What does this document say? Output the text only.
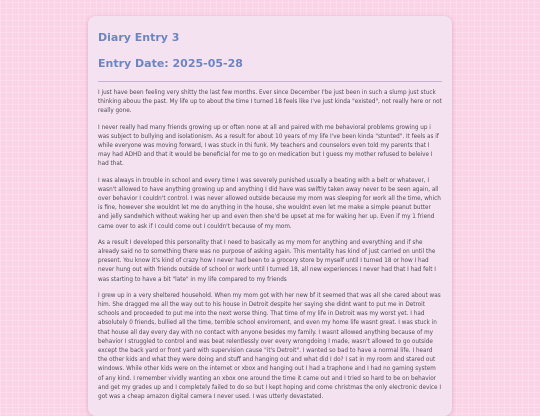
Diary Entry 3
Entry Date: 2025-05-28

I just have been feeling very shitty the last few months. Ever since December I'be just been in such a slump just stuck thinking abouu the past. My life up to about the time I turned 18 feels like I've just kinda "existed", not really here or not really gone.

I never really had many friends growing up or often none at all and paired with me behavioral problems growing up i was subject to bullying and isolationism. As a result for about 10 years of my life I've been kinda "stunted". It feels as if while everyone was moving forward, I was stuck in thi funk. My teachers and counselors even told my parents that I may had ADHD and that it would be beneficial for me to go on medication but I guess my mother refused to beleive I had that.

I was always in trouble in school and every time I was severely punished usually a beating with a belt or whatever, I wasn't allowed to have anything growing up and anything I did have was swiftly taken away never to be seen again, all over behavior I couldn't control. I was never allowed outside because my mom was sleeping for work all the time, which is fine, however she wouldnt let me do anything in the house, she wouldnt even let me make a simple peanut butter and jelly sandwhich without waking her up and even then she'd be upset at me for waking her up. Even if my 1 friend came over to ask if I could come out I couldn't because of my mom.

As a result I developed this personality that I need to basically as my mom for anything and everything and if she already said no to something there was no purpose of asking again. This mentality has kind of just carried on until the present. You know it's kind of crazy how I never had been to a grocery store by myself until I turned 18 or how I had never hung out with friends outside of school or work until I turned 18, all new experiences I never had that I had felt I was starting to have a bit "late" in my life compared to my friends

I grew up in a very sheltered household. When my mom got with her new bf it seemed that was all she cared about was him. She dragged me all the way out to his house in Detroit despite her saying she didnt want to put me in Detroit schools and proceeded to put me into the next worse thing. That time of my life in Detroit was my worst yet. I had absolutely 0 friends, bullied all the time, terrible school enviroment, and even my home life wasnt great. I was stuck in that house all day every day with no contact with anyone besides my family. I wasnt allowed anything because of my behavior I struggled to control and was beat relentlessly over every wrongdoing I made, wasn't allowed to go outside except the back yard or front yard with supervision cause "it's Detroit". I wanted so bad to have a normal life. I heard the other kids and what they were doing and stuff and hanging out and what did I do? I sat in my room and stared out windows. While other kids were on the internet or xbox and hanging out I had a traphone and I had no gaming system of any kind. I remember vividly wanting an xbox one around the time it came out and I tried so hard to be on behavior and get my grades up and I completely failed to do so but I kept hoping and come christmas the only electronic device I got was a cheap amazon digital camera I never used. I was utterly devastated.
